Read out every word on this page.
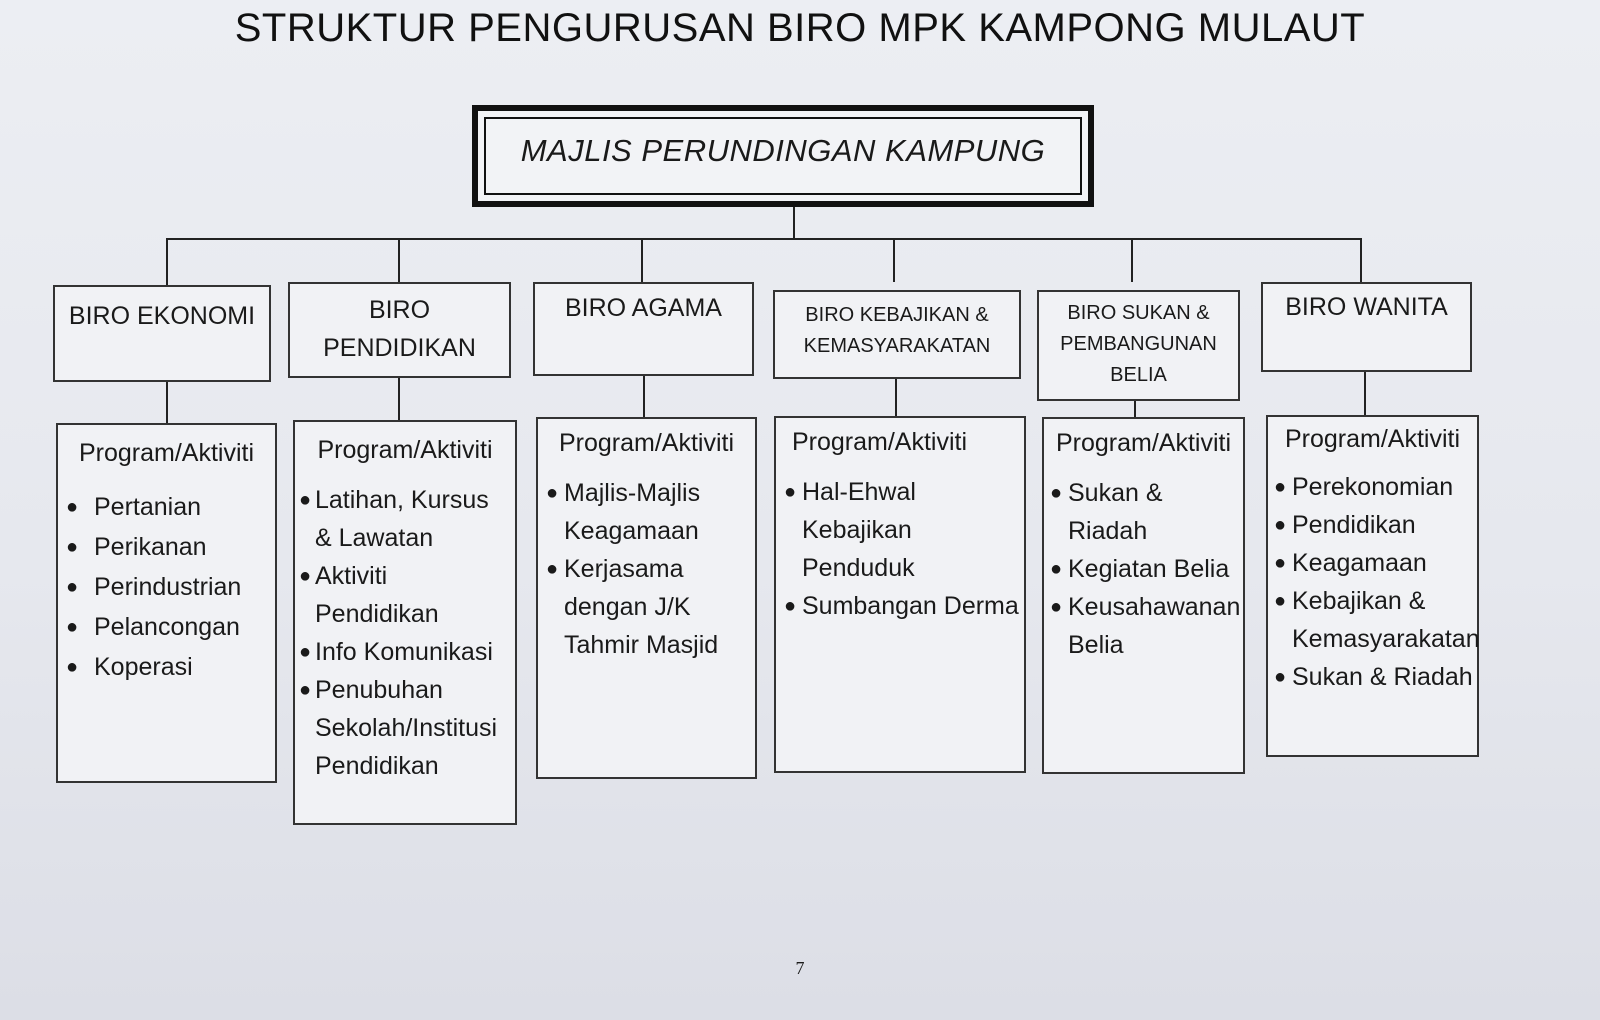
STRUKTUR PENGURUSAN BIRO MPK KAMPONG MULAUT
MAJLIS PERUNDINGAN KAMPUNG
BIRO EKONOMI
Program/Aktiviti
● Pertanian
● Perikanan
● Perindustrian
● Pelancongan
● Koperasi
BIRO
PENDIDIKAN
Program/Aktiviti
● Latihan, Kursus
& Lawatan
● Aktiviti
Pendidikan
● Info Komunikasi
● Penubuhan
Sekolah/Institusi
Pendidikan
BIRO AGAMA
Program/Aktiviti
● Majlis-Majlis
Keagamaan
● Kerjasama
dengan J/K
Tahmir Masjid
BIRO KEBAJIKAN &
KEMASYARAKATAN
Program/Aktiviti
● Hal-Ehwal
Kebajikan
Penduduk
● Sumbangan Derma
BIRO SUKAN &
PEMBANGUNAN
BELIA
Program/Aktiviti
● Sukan & Riadah
● Kegiatan Belia
● Keusahawanan
Belia
BIRO WANITA
Program/Aktiviti
● Perekonomian
● Pendidikan
● Keagamaan
● Kebajikan &
Kemasyarakatan
● Sukan & Riadah
7
